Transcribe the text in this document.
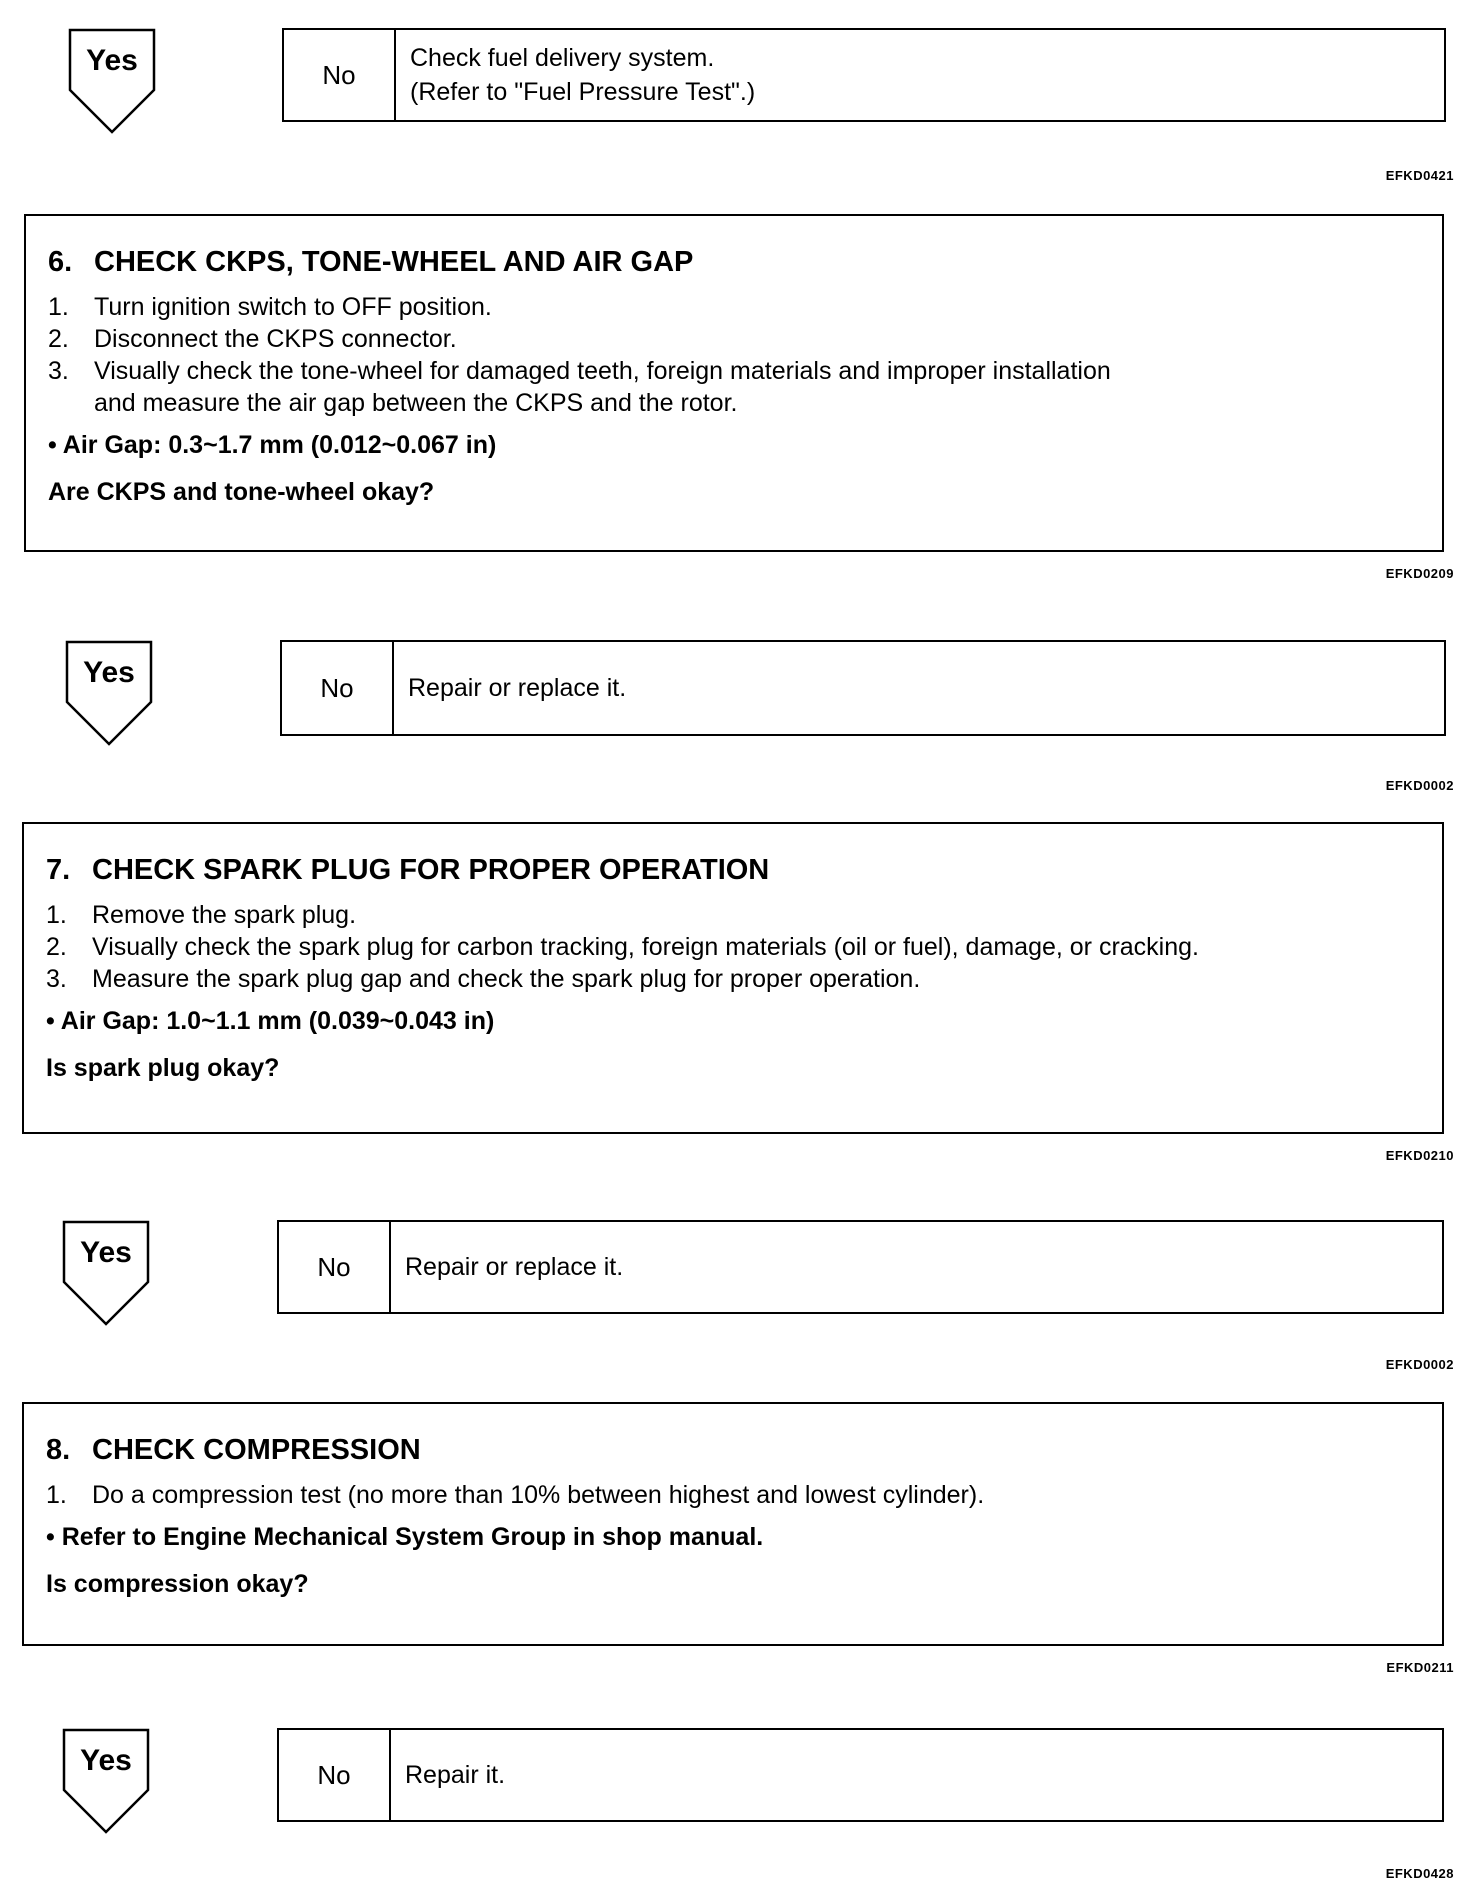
Yes	No
Check fuel delivery system.
(Refer to "Fuel Pressure Test".)
EFKD0421
6. CHECK CKPS, TONE-WHEEL AND AIR GAP
1.	Turn ignition switch to OFF position.
2.	Disconnect the CKPS connector.
3.	Visually check the tone-wheel for damaged teeth, foreign materials and improper installation
and measure the air gap between the CKPS and the rotor.
• Air Gap: 0.3~1.7 mm (0.012~0.067 in)
Are CKPS and tone-wheel okay?
EFKD0209
Yes	No	Repair or replace it.
EFKD0002
7. CHECK SPARK PLUG FOR PROPER OPERATION
1.	Remove the spark plug.
2.	Visually check the spark plug for carbon tracking, foreign materials (oil or fuel), damage, or cracking.
3.	Measure the spark plug gap and check the spark plug for proper operation.
• Air Gap: 1.0~1.1 mm (0.039~0.043 in)
Is spark plug okay?
EFKD0210
Yes	No	Repair or replace it.
EFKD0002
8. CHECK COMPRESSION
1.	Do a compression test (no more than 10% between highest and lowest cylinder).
• Refer to Engine Mechanical System Group in shop manual.
Is compression okay?
EFKD0211
Yes	No	Repair it.
EFKD0428
